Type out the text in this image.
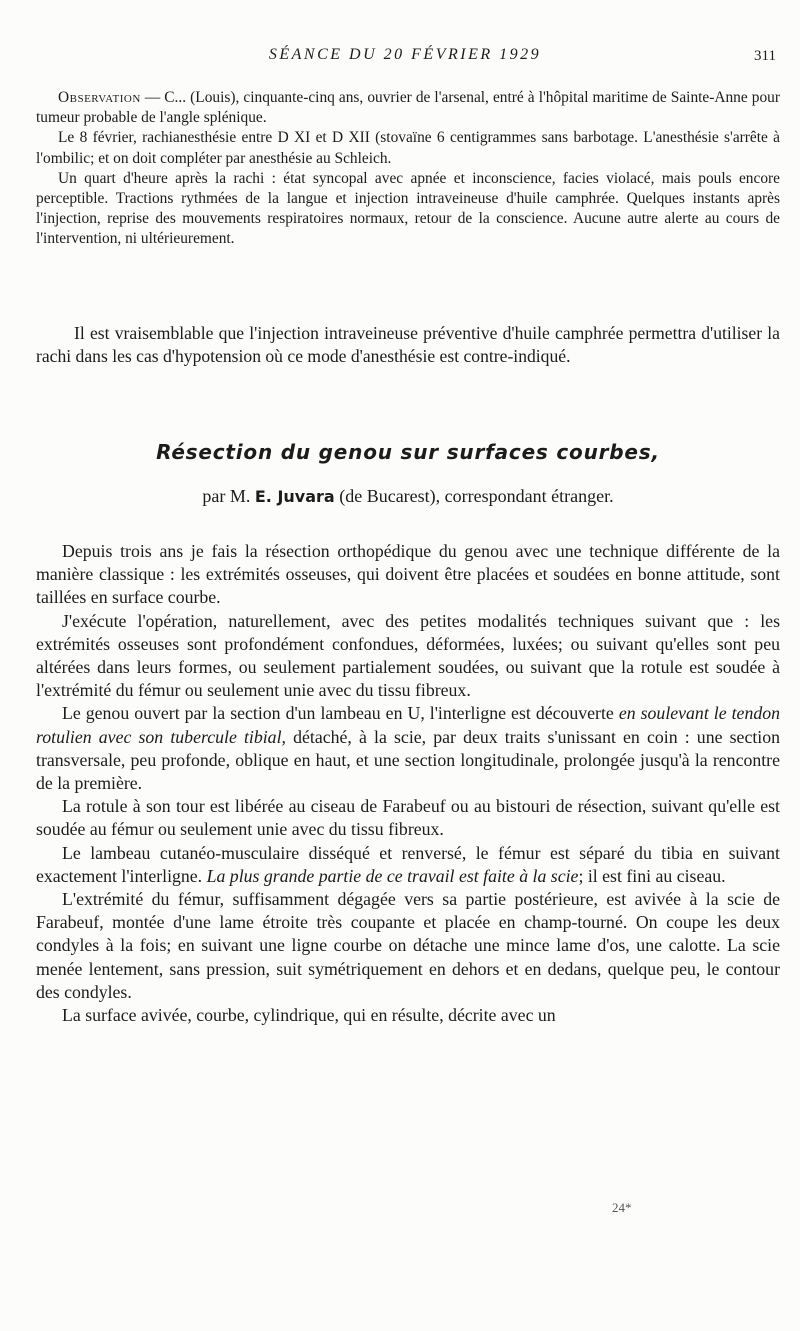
SÉANCE DU 20 FÉVRIER 1929	311

Observation — C... (Louis), cinquante-cinq ans, ouvrier de l'arsenal, entré à l'hôpital maritime de Sainte-Anne pour tumeur probable de l'angle splénique.

Le 8 février, rachianesthésie entre D XI et D XII (stovaïne 6 centigrammes sans barbotage. L'anesthésie s'arrête à l'ombilic; et on doit compléter par anesthésie au Schleich.

Un quart d'heure après la rachi : état syncopal avec apnée et inconscience, facies violacé, mais pouls encore perceptible. Tractions rythmées de la langue et injection intraveineuse d'huile camphrée. Quelques instants après l'injection, reprise des mouvements respiratoires normaux, retour de la conscience. Aucune autre alerte au cours de l'intervention, ni ultérieurement.

Il est vraisemblable que l'injection intraveineuse préventive d'huile camphrée permettra d'utiliser la rachi dans les cas d'hypotension où ce mode d'anesthésie est contre-indiqué.

Résection du genou sur surfaces courbes,
par M. E. Juvara (de Bucarest), correspondant étranger.

Depuis trois ans je fais la résection orthopédique du genou avec une technique différente de la manière classique : les extrémités osseuses, qui doivent être placées et soudées en bonne attitude, sont taillées en surface courbe.

J'exécute l'opération, naturellement, avec des petites modalités techniques suivant que : les extrémités osseuses sont profondément confondues, déformées, luxées; ou suivant qu'elles sont peu altérées dans leurs formes, ou seulement partialement soudées, ou suivant que la rotule est soudée à l'extrémité du fémur ou seulement unie avec du tissu fibreux.

Le genou ouvert par la section d'un lambeau en U, l'interligne est découverte en soulevant le tendon rotulien avec son tubercule tibial, détaché, à la scie, par deux traits s'unissant en coin : une section transversale, peu profonde, oblique en haut, et une section longitudinale, prolongée jusqu'à la rencontre de la première.

La rotule à son tour est libérée au ciseau de Farabeuf ou au bistouri de résection, suivant qu'elle est soudée au fémur ou seulement unie avec du tissu fibreux.

Le lambeau cutanéo-musculaire disséqué et renversé, le fémur est séparé du tibia en suivant exactement l'interligne. La plus grande partie de ce travail est faite à la scie; il est fini au ciseau.

L'extrémité du fémur, suffisamment dégagée vers sa partie postérieure, est avivée à la scie de Farabeuf, montée d'une lame étroite très coupante et placée en champ-tourné. On coupe les deux condyles à la fois; en suivant une ligne courbe on détache une mince lame d'os, une calotte. La scie menée lentement, sans pression, suit symétriquement en dehors et en dedans, quelque peu, le contour des condyles.

La surface avivée, courbe, cylindrique, qui en résulte, décrite avec un

24*
